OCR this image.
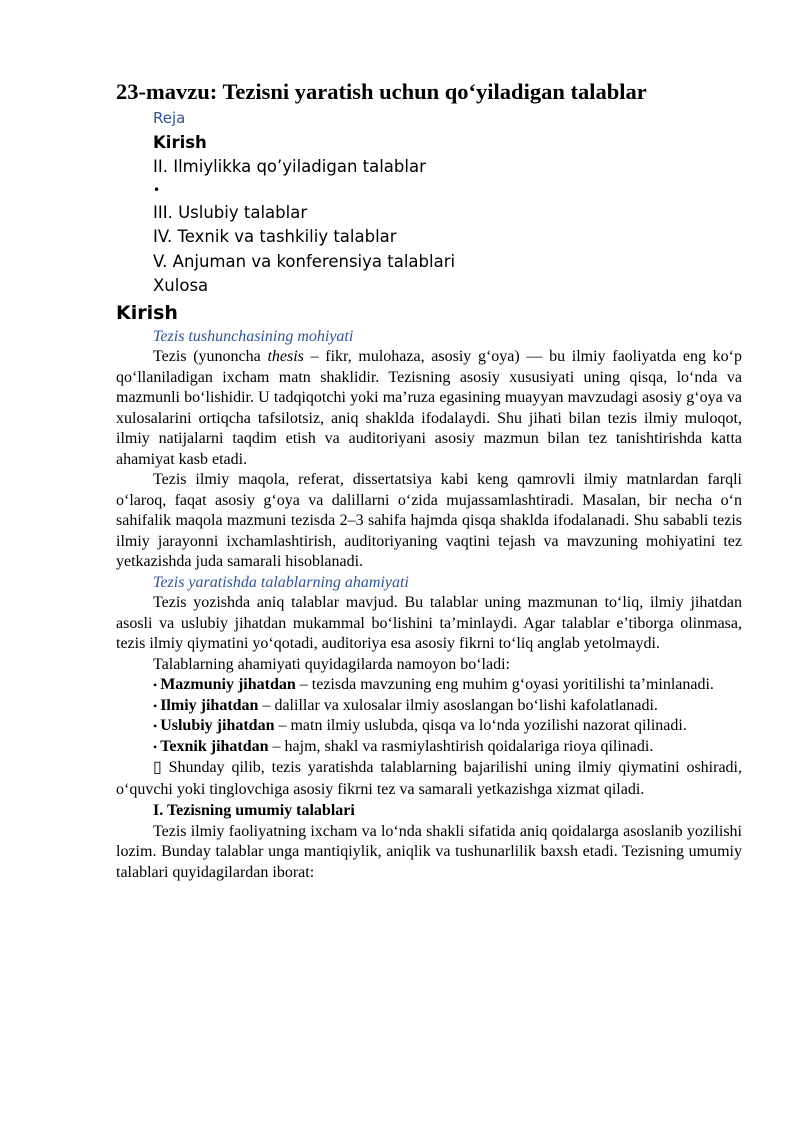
23-mavzu: Tezisni yaratish uchun qo‘yiladigan talablar
Reja
Kirish
II. Ilmiylikka qo’yiladigan talablar
•
III. Uslubiy talablar
IV. Texnik va tashkiliy talablar
V. Anjuman va konferensiya talablari
Xulosa
Kirish

Tezis tushunchasining mohiyati

Tezis (yunoncha thesis – fikr, mulohaza, asosiy g‘oya) — bu ilmiy faoliyatda eng ko‘p qo‘llaniladigan ixcham matn shaklidir. Tezisning asosiy xususiyati uning qisqa, lo‘nda va mazmunli bo‘lishidir. U tadqiqotchi yoki ma’ruza egasining muayyan mavzudagi asosiy g‘oya va xulosalarini ortiqcha tafsilotsiz, aniq shaklda ifodalaydi. Shu jihati bilan tezis ilmiy muloqot, ilmiy natijalarni taqdim etish va auditoriyani asosiy mazmun bilan tez tanishtirishda katta ahamiyat kasb etadi.

Tezis ilmiy maqola, referat, dissertatsiya kabi keng qamrovli ilmiy matnlardan farqli o‘laroq, faqat asosiy g‘oya va dalillarni o‘zida mujassamlashtiradi. Masalan, bir necha o‘n sahifalik maqola mazmuni tezisda 2–3 sahifa hajmda qisqa shaklda ifodalanadi. Shu sababli tezis ilmiy jarayonni ixchamlashtirish, auditoriyaning vaqtini tejash va mavzuning mohiyatini tez yetkazishda juda samarali hisoblanadi.

Tezis yaratishda talablarning ahamiyati

Tezis yozishda aniq talablar mavjud. Bu talablar uning mazmunan to‘liq, ilmiy jihatdan asosli va uslubiy jihatdan mukammal bo‘lishini ta’minlaydi. Agar talablar e’tiborga olinmasa, tezis ilmiy qiymatini yo‘qotadi, auditoriya esa asosiy fikrni to‘liq anglab yetolmaydi.

Talablarning ahamiyati quyidagilarda namoyon bo‘ladi:

• Mazmuniy jihatdan – tezisda mavzuning eng muhim g‘oyasi yoritilishi ta’minlanadi.

• Ilmiy jihatdan – dalillar va xulosalar ilmiy asoslangan bo‘lishi kafolatlanadi.

• Uslubiy jihatdan – matn ilmiy uslubda, qisqa va lo‘nda yozilishi nazorat qilinadi.

• Texnik jihatdan – hajm, shakl va rasmiylashtirish qoidalariga rioya qilinadi.

▯ Shunday qilib, tezis yaratishda talablarning bajarilishi uning ilmiy qiymatini oshiradi, o‘quvchi yoki tinglovchiga asosiy fikrni tez va samarali yetkazishga xizmat qiladi.

I. Tezisning umumiy talablari

Tezis ilmiy faoliyatning ixcham va lo‘nda shakli sifatida aniq qoidalarga asoslanib yozilishi lozim. Bunday talablar unga mantiqiylik, aniqlik va tushunarlilik baxsh etadi. Tezisning umumiy talablari quyidagilardan iborat:
